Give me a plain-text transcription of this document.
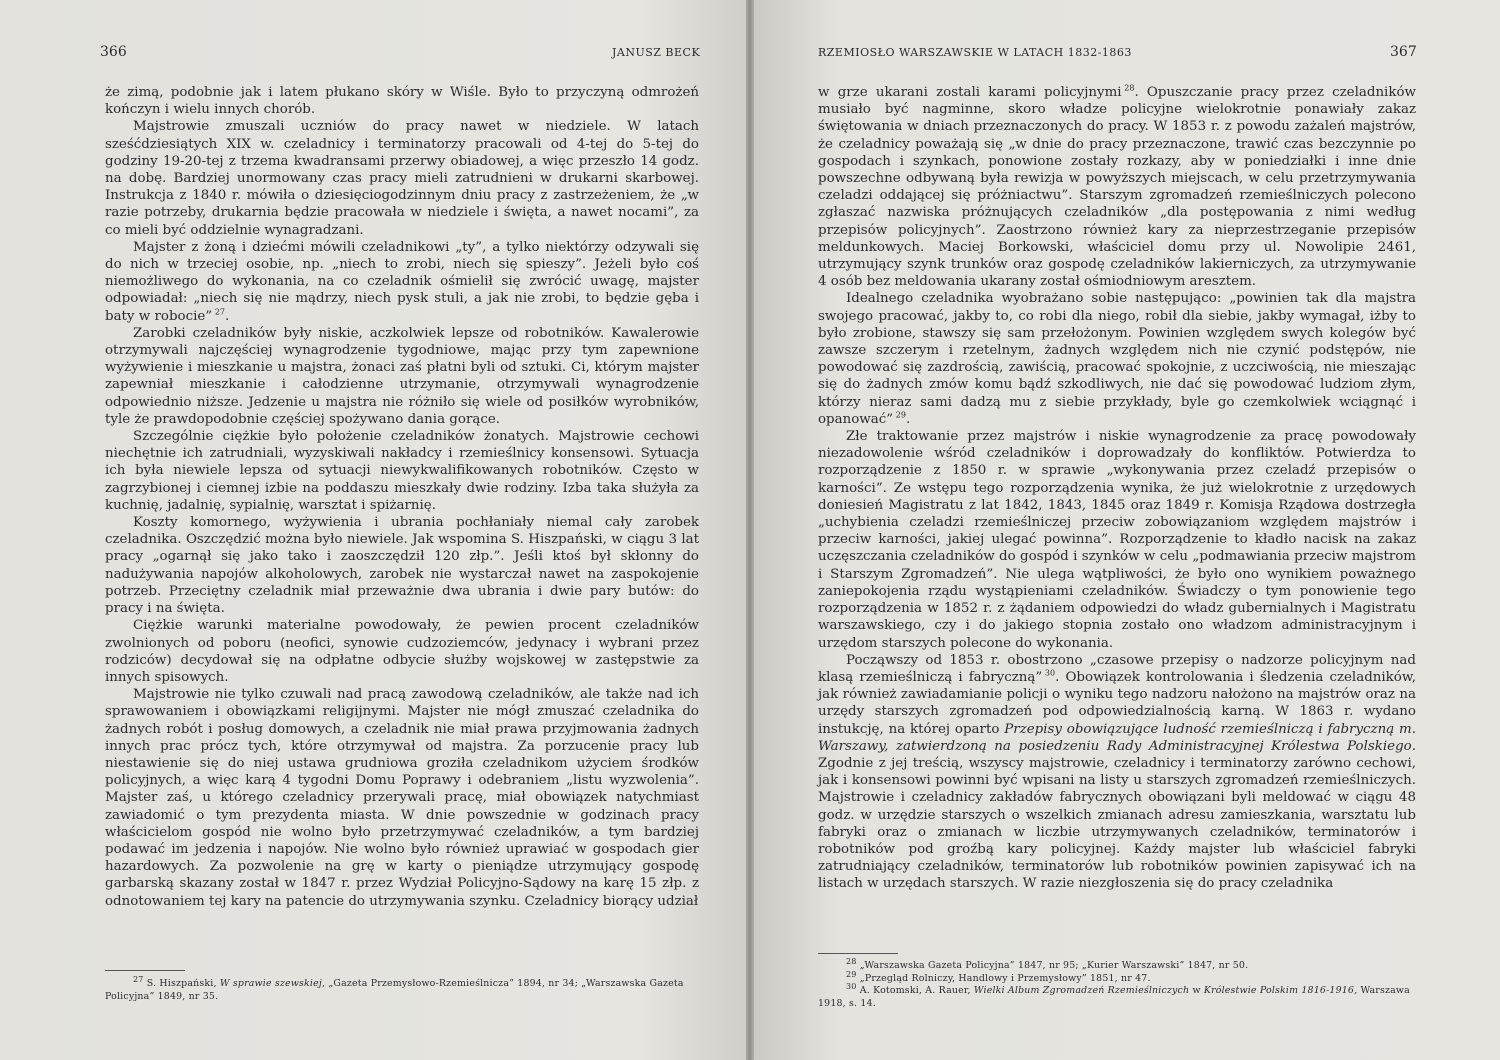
366	JANUSZ BECK

że zimą, podobnie jak i latem płukano skóry w Wiśle. Było to przyczyną odmrożeń kończyn i wielu innych chorób.

Majstrowie zmuszali uczniów do pracy nawet w niedziele. W latach sześćdziesiątych XIX w. czeladnicy i terminatorzy pracowali od 4-tej do 5-tej do godziny 19-20-tej z trzema kwadransami przerwy obiadowej, a więc przeszło 14 godz. na dobę. Bardziej unormowany czas pracy mieli zatrudnieni w drukarni skarbowej. Instrukcja z 1840 r. mówiła o dziesięciogodzinnym dniu pracy z zastrzeżeniem, że „w razie potrzeby, drukarnia będzie pracowała w niedziele i święta, a nawet nocami”, za co mieli być oddzielnie wynagradzani.

Majster z żoną i dziećmi mówili czeladnikowi „ty”, a tylko niektórzy odzywali się do nich w trzeciej osobie, np. „niech to zrobi, niech się spieszy”. Jeżeli było coś niemożliwego do wykonania, na co czeladnik ośmielił się zwrócić uwagę, majster odpowiadał: „niech się nie mądrzy, niech pysk stuli, a jak nie zrobi, to będzie gęba i baty w robocie”  $^{27}$.

Zarobki czeladników były niskie, aczkolwiek lepsze od robotników. Kawalerowie otrzymywali najczęściej wynagrodzenie tygodniowe, mając przy tym zapewnione wyżywienie i mieszkanie u majstra, żonaci zaś płatni byli od sztuki. Ci, którym majster zapewniał mieszkanie i całodzienne utrzymanie, otrzymywali wynagrodzenie odpowiednio niższe. Jedzenie u majstra nie różniło się wiele od posiłków wyrobników, tyle że prawdopodobnie częściej spożywano dania gorące.

Szczególnie ciężkie było położenie czeladników żonatych. Majstrowie cechowi niechętnie ich zatrudniali, wyzyskiwali nakładcy i rzemieślnicy konsensowi. Sytuacja ich była niewiele lepsza od sytuacji niewykwalifikowanych robotników. Często w zagrzybionej i ciemnej izbie na poddaszu mieszkały dwie rodziny. Izba taka służyła za kuchnię, jadalnię, sypialnię, warsztat i spiżarnię.

Koszty komornego, wyżywienia i ubrania pochłaniały niemal cały zarobek czeladnika. Oszczędzić można było niewiele. Jak wspomina S. Hiszpański, w ciągu 3 lat pracy „ogarnął się jako tako i zaoszczędził 120 złp.”. Jeśli ktoś był skłonny do nadużywania napojów alkoholowych, zarobek nie wystarczał nawet na zaspokojenie potrzeb. Przeciętny czeladnik miał przeważnie dwa ubrania i dwie pary butów: do pracy i na święta.

Ciężkie warunki materialne powodowały, że pewien procent czeladników zwolnionych od poboru (neofici, synowie cudzoziemców, jedynacy i wybrani przez rodziców) decydował się na odpłatne odbycie służby wojskowej w zastępstwie za innych spisowych.

Majstrowie nie tylko czuwali nad pracą zawodową czeladników, ale także nad ich sprawowaniem i obowiązkami religijnymi. Majster nie mógł zmuszać czeladnika do żadnych robót i posług domowych, a czeladnik nie miał prawa przyjmowania żadnych innych prac prócz tych, które otrzymywał od majstra. Za porzucenie pracy lub niestawienie się do niej ustawa grudniowa groziła czeladnikom użyciem środków policyjnych, a więc karą 4 tygodni Domu Poprawy i odebraniem „listu wyzwolenia”. Majster zaś, u którego czeladnicy przerywali pracę, miał obowiązek natychmiast zawiadomić o tym prezydenta miasta. W dnie powszednie w godzinach pracy właścicielom gospód nie wolno było przetrzymywać czeladników, a tym bardziej podawać im jedzenia i napojów. Nie wolno było również uprawiać w gospodach gier hazardowych. Za pozwolenie na grę w karty o pieniądze utrzymujący gospodę garbarską skazany został w 1847 r. przez Wydział Policyjno-Sądowy na karę 15 złp. z odnotowaniem tej kary na patencie do utrzymywania szynku. Czeladnicy biorący udział

$^{27}$ S. Hiszpański, W sprawie szewskiej, „Gazeta Przemysłowo-Rzemieślnicza” 1894, nr 34; „Warszawska Gazeta Policyjna” 1849, nr 35.

RZEMIOSŁO WARSZAWSKIE W LATACH 1832-1863	367

w grze ukarani zostali karami policyjnymi  $^{28}$. Opuszczanie pracy przez czeladników musiało być nagminne, skoro władze policyjne wielokrotnie ponawiały zakaz świętowania w dniach przeznaczonych do pracy. W 1853 r. z powodu zażaleń majstrów, że czeladnicy poważają się „w dnie do pracy przeznaczone, trawić czas bezczynnie po gospodach i szynkach, ponowione zostały rozkazy, aby w poniedziałki i inne dnie powszechne odbywaną była rewizja w powyższych miejscach, w celu przetrzymywania czeladzi oddającej się próżniactwu”. Starszym zgromadzeń rzemieślniczych polecono zgłaszać nazwiska próżnujących czeladników „dla postępowania z nimi według przepisów policyjnych”. Zaostrzono również kary za nieprzestrzeganie przepisów meldunkowych. Maciej Borkowski, właściciel domu przy ul. Nowolipie 2461, utrzymujący szynk trunków oraz gospodę czeladników lakierniczych, za utrzymywanie 4 osób bez meldowania ukarany został ośmiodniowym aresztem.

Idealnego czeladnika wyobrażano sobie następująco: „powinien tak dla majstra swojego pracować, jakby to, co robi dla niego, robił dla siebie, jakby wymagał, iżby to było zrobione, stawszy się sam przełożonym. Powinien względem swych kolegów być zawsze szczerym i rzetelnym, żadnych względem nich nie czynić podstępów, nie powodować się zazdrością, zawiścią, pracować spokojnie, z uczciwością, nie mieszając się do żadnych zmów komu bądź szkodliwych, nie dać się powodować ludziom złym, którzy nieraz sami dadzą mu z siebie przykłady, byle go czemkolwiek wciągnąć i opanować”  $^{29}$.

Złe traktowanie przez majstrów i niskie wynagrodzenie za pracę powodowały niezadowolenie wśród czeladników i doprowadzały do konfliktów. Potwierdza to rozporządzenie z 1850 r. w sprawie „wykonywania przez czeladź przepisów o karności”. Ze wstępu tego rozporządzenia wynika, że już wielokrotnie z urzędowych doniesień Magistratu z lat 1842, 1843, 1845 oraz 1849 r. Komisja Rządowa dostrzegła „uchybienia czeladzi rzemieślniczej przeciw zobowiązaniom względem majstrów i przeciw karności, jakiej ulegać powinna”. Rozporządzenie to kładło nacisk na zakaz uczęszczania czeladników do gospód i szynków w celu „podmawiania przeciw majstrom i Starszym Zgromadzeń”. Nie ulega wątpliwości, że było ono wynikiem poważnego zaniepokojenia rządu wystąpieniami czeladników. Świadczy o tym ponowienie tego rozporządzenia w 1852 r. z żądaniem odpowiedzi do władz gubernialnych i Magistratu warszawskiego, czy i do jakiego stopnia zostało ono władzom administracyjnym i urzędom starszych polecone do wykonania.

Począwszy od 1853 r. obostrzono „czasowe przepisy o nadzorze policyjnym nad klasą rzemieślniczą i fabryczną”  $^{30}$. Obowiązek kontrolowania i śledzenia czeladników, jak również zawiadamianie policji o wyniku tego nadzoru nałożono na majstrów oraz na urzędy starszych zgromadzeń pod odpowiedzialnością karną. W 1863 r. wydano instukcję, na której oparto Przepisy obowiązujące ludność rzemieślniczą i fabryczną m. Warszawy, zatwierdzoną na posiedzeniu Rady Administracyjnej Królestwa Polskiego. Zgodnie z jej treścią, wszyscy majstrowie, czeladnicy i terminatorzy zarówno cechowi, jak i konsensowi powinni być wpisani na listy u starszych zgromadzeń rzemieślniczych. Majstrowie i czeladnicy zakładów fabrycznych obowiązani byli meldować w ciągu 48 godz. w urzędzie starszych o wszelkich zmianach adresu zamieszkania, warsztatu lub fabryki oraz o zmianach w liczbie utrzymywanych czeladników, terminatorów i robotników pod groźbą kary policyjnej. Każdy majster lub właściciel fabryki zatrudniający czeladników, terminatorów lub robotników powinien zapisywać ich na listach w urzędach starszych. W razie niezgłoszenia się do pracy czeladnika

$^{28}$ „Warszawska Gazeta Policyjna” 1847, nr 95; „Kurier Warszawski” 1847, nr 50.

$^{29}$ „Przegląd Rolniczy, Handlowy i Przemysłowy” 1851, nr 47.

$^{30}$ A. Kotomski, A. Rauer, Wielki Album Zgromadzeń Rzemieślniczych w Królestwie Polskim 1816-1916, Warszawa 1918, s. 14.
